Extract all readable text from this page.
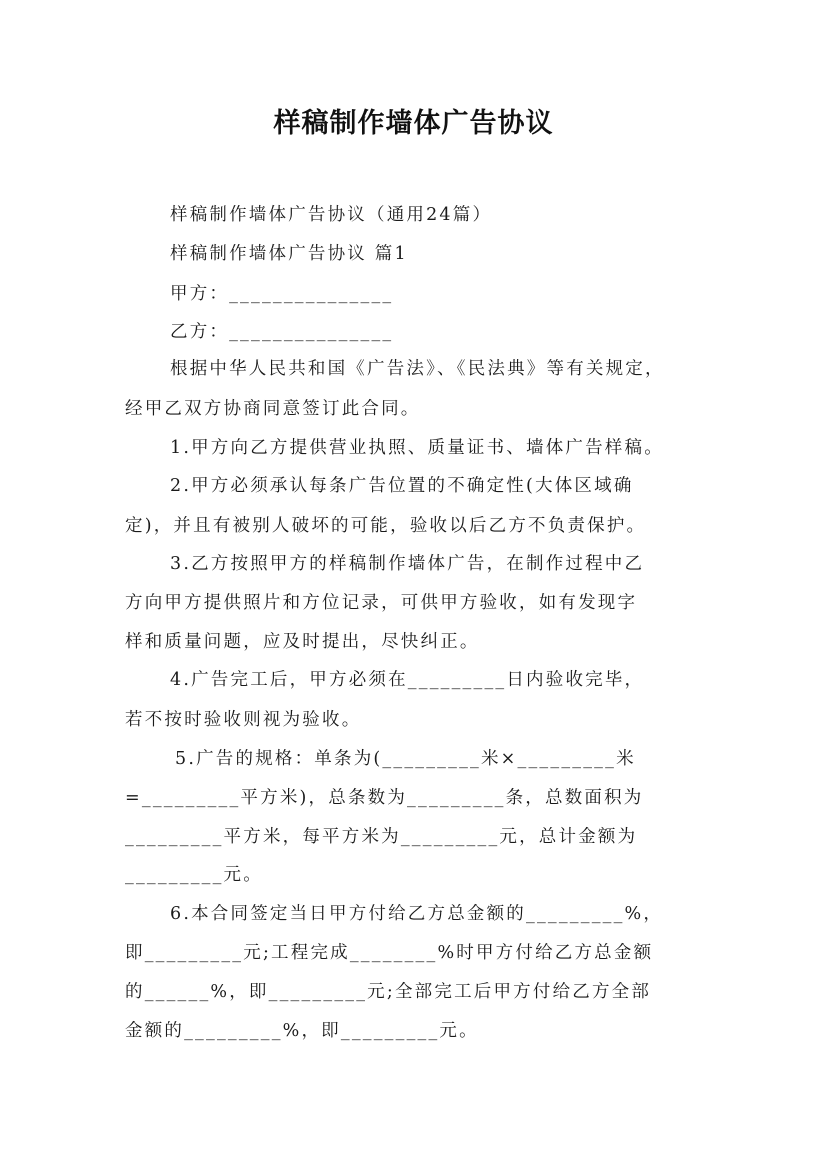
样稿制作墙体广告协议
样稿制作墙体广告协议（通用24篇）
样稿制作墙体广告协议 篇1
甲方：_______________
乙方：_______________
根据中华人民共和国《广告法》、《民法典》等有关规定，
经甲乙双方协商同意签订此合同。
1.甲方向乙方提供营业执照、质量证书、墙体广告样稿。
2.甲方必须承认每条广告位置的不确定性(大体区域确
定)，并且有被别人破坏的可能，验收以后乙方不负责保护。
3.乙方按照甲方的样稿制作墙体广告，在制作过程中乙
方向甲方提供照片和方位记录，可供甲方验收，如有发现字
样和质量问题，应及时提出，尽快纠正。
4.广告完工后，甲方必须在_________日内验收完毕，
若不按时验收则视为验收。
5.广告的规格：单条为(_________米×_________米
=_________平方米)，总条数为_________条，总数面积为
_________平方米，每平方米为_________元，总计金额为
_________元。
6.本合同签定当日甲方付给乙方总金额的_________%，
即_________元;工程完成________%时甲方付给乙方总金额
的______%，即_________元;全部完工后甲方付给乙方全部
金额的_________%，即_________元。
